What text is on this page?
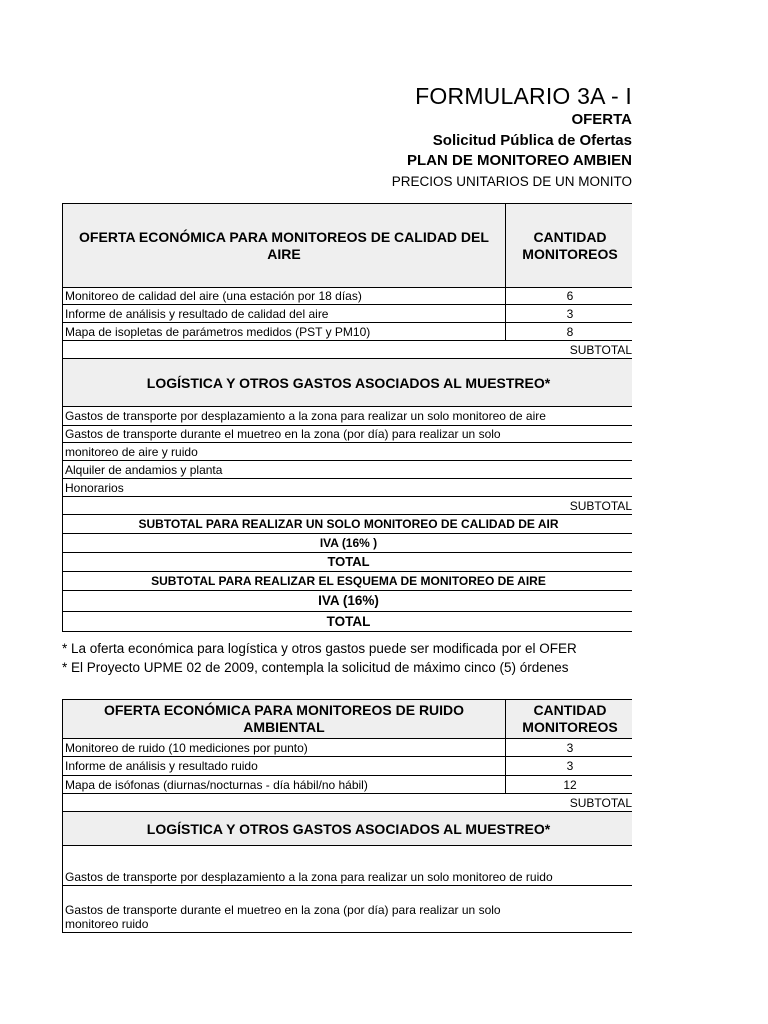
FORMULARIO 3A - I
OFERTA
Solicitud Pública de Ofertas
PLAN DE MONITOREO AMBIEN
PRECIOS UNITARIOS DE UN MONITO
OFERTA ECONÓMICA PARA MONITOREOS DE CALIDAD DEL AIRE	CANTIDAD MONITOREOS
Monitoreo de calidad del aire (una estación por 18 días)	6
Informe de análisis y resultado de calidad del aire	3
Mapa de isopletas de parámetros medidos (PST y PM10)	8
SUBTOTAL	
LOGÍSTICA Y OTROS GASTOS ASOCIADOS AL MUESTREO*	
Gastos de transporte por desplazamiento a la zona para realizar un solo monitoreo de aire	
Gastos de transporte durante el muetreo en la zona (por día) para realizar un solo	
monitoreo de aire y ruido	
Alquiler de andamios y planta	
Honorarios	
SUBTOTAL	
SUBTOTAL PARA REALIZAR UN SOLO MONITOREO DE CALIDAD DE AIR	
IVA (16% )	
TOTAL	
SUBTOTAL PARA REALIZAR EL ESQUEMA DE MONITOREO DE AIRE	
IVA (16%)	
TOTAL	
* La oferta económica para logística y otros gastos puede ser modificada por el OFER
* El Proyecto UPME 02 de 2009, contempla la solicitud de máximo cinco (5) órdenes
OFERTA ECONÓMICA PARA MONITOREOS DE RUIDO AMBIENTAL	CANTIDAD MONITOREOS
Monitoreo de ruido (10 mediciones por punto)	3
Informe de análisis y resultado ruido	3
Mapa de isófonas (diurnas/nocturnas - día hábil/no hábil)	12
SUBTOTAL	
LOGÍSTICA Y OTROS GASTOS ASOCIADOS AL MUESTREO*	
Gastos de transporte por desplazamiento a la zona para realizar un solo monitoreo de ruido	

Gastos de transporte durante el muetreo en la zona (por día) para realizar un solo
monitoreo ruido	
